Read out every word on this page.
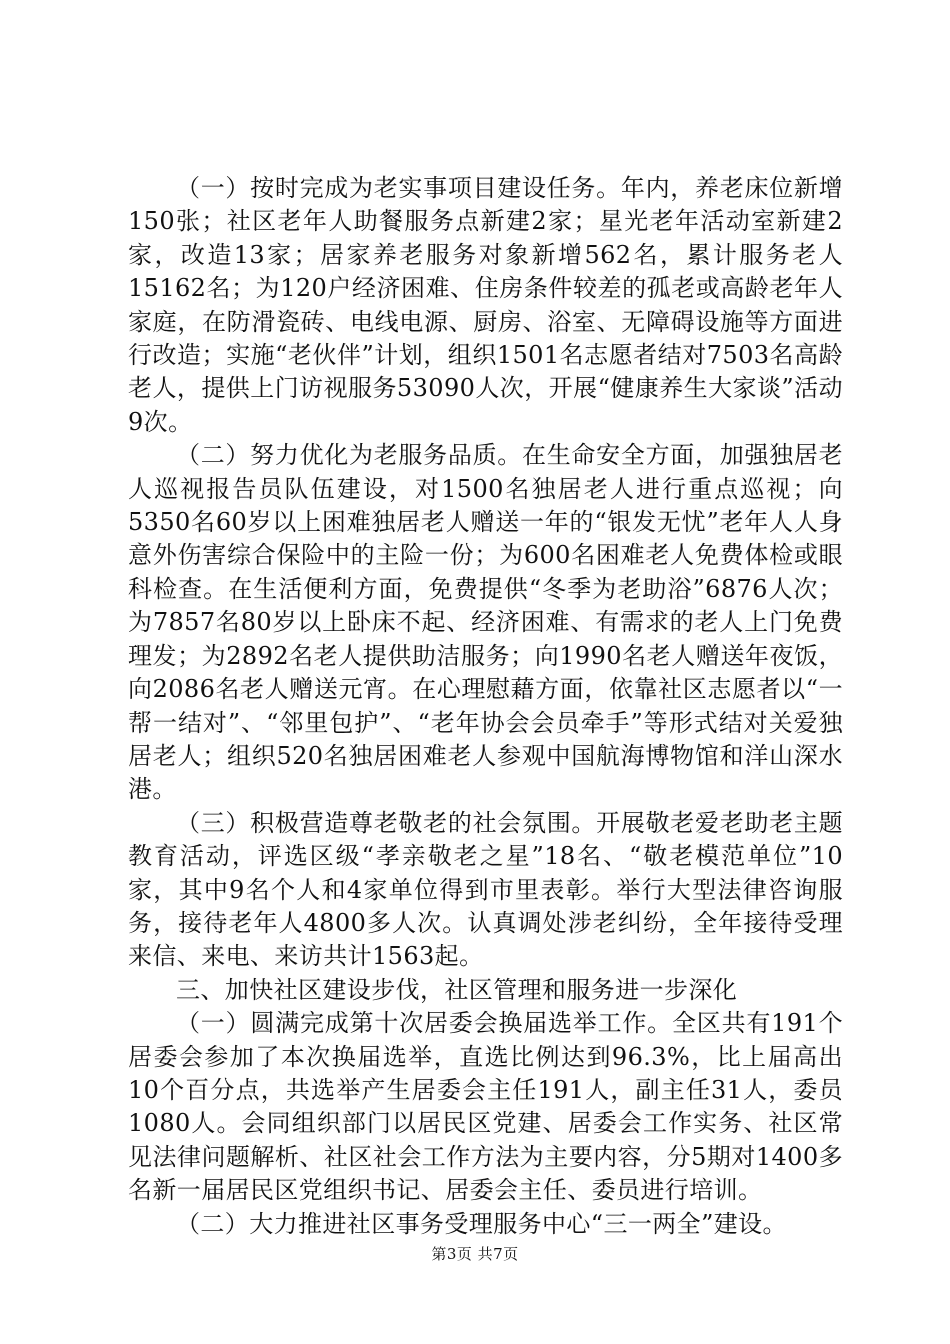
（一）按时完成为老实事项目建设任务。年内，养老床位新增150张；社区老年人助餐服务点新建2家；星光老年活动室新建2家，改造13家；居家养老服务对象新增562名，累计服务老人15162名；为120户经济困难、住房条件较差的孤老或高龄老年人家庭，在防滑瓷砖、电线电源、厨房、浴室、无障碍设施等方面进行改造；实施“老伙伴”计划，组织1501名志愿者结对7503名高龄老人，提供上门访视服务53090人次，开展“健康养生大家谈”活动9次。

（二）努力优化为老服务品质。在生命安全方面，加强独居老人巡视报告员队伍建设，对1500名独居老人进行重点巡视；向5350名60岁以上困难独居老人赠送一年的“银发无忧”老年人人身意外伤害综合保险中的主险一份；为600名困难老人免费体检或眼科检查。在生活便利方面，免费提供“冬季为老助浴”6876人次；为7857名80岁以上卧床不起、经济困难、有需求的老人上门免费理发；为2892名老人提供助洁服务；向1990名老人赠送年夜饭，向2086名老人赠送元宵。在心理慰藉方面，依靠社区志愿者以“一帮一结对”、“邻里包护”、“老年协会会员牵手”等形式结对关爱独居老人；组织520名独居困难老人参观中国航海博物馆和洋山深水港。

（三）积极营造尊老敬老的社会氛围。开展敬老爱老助老主题教育活动，评选区级“孝亲敬老之星”18名、“敬老模范单位”10家，其中9名个人和4家单位得到市里表彰。举行大型法律咨询服务，接待老年人4800多人次。认真调处涉老纠纷，全年接待受理来信、来电、来访共计1563起。

三、加快社区建设步伐，社区管理和服务进一步深化

（一）圆满完成第十次居委会换届选举工作。全区共有191个居委会参加了本次换届选举，直选比例达到96.3%，比上届高出10个百分点，共选举产生居委会主任191人，副主任31人，委员1080人。会同组织部门以居民区党建、居委会工作实务、社区常见法律问题解析、社区社会工作方法为主要内容，分5期对1400多名新一届居民区党组织书记、居委会主任、委员进行培训。

（二）大力推进社区事务受理服务中心“三一两全”建设。

第3页 共7页
